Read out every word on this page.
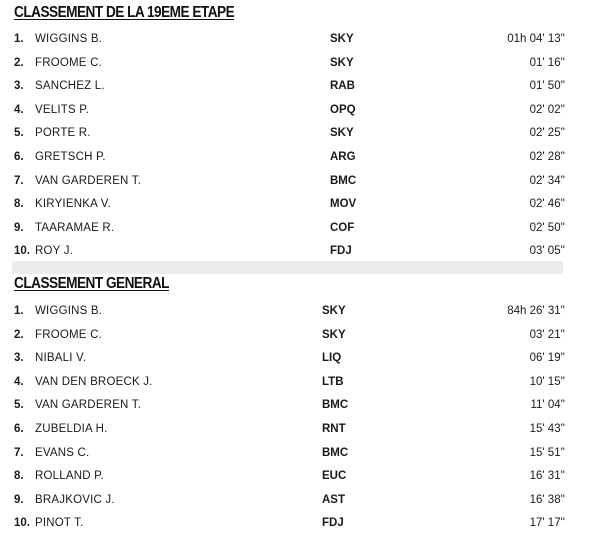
CLASSEMENT DE LA 19EME ETAPE
1. WIGGINS B.	SKY	01h 04' 13''
2. FROOME C.	SKY	01' 16''
3. SANCHEZ L.	RAB	01' 50''
4. VELITS P.	OPQ	02' 02''
5. PORTE R.	SKY	02' 25''
6. GRETSCH P.	ARG	02' 28''
7. VAN GARDEREN T.	BMC	02' 34''
8. KIRYIENKA V.	MOV	02' 46''
9. TAARAMAE R.	COF	02' 50''
10. ROY J.	FDJ	03' 05''
CLASSEMENT GENERAL
1. WIGGINS B.	SKY	84h 26' 31''
2. FROOME C.	SKY	03' 21''
3. NIBALI V.	LIQ	06' 19''
4. VAN DEN BROECK J.	LTB	10' 15''
5. VAN GARDEREN T.	BMC	11' 04''
6. ZUBELDIA H.	RNT	15' 43''
7. EVANS C.	BMC	15' 51''
8. ROLLAND P.	EUC	16' 31''
9. BRAJKOVIC J.	AST	16' 38''
10. PINOT T.	FDJ	17' 17''
